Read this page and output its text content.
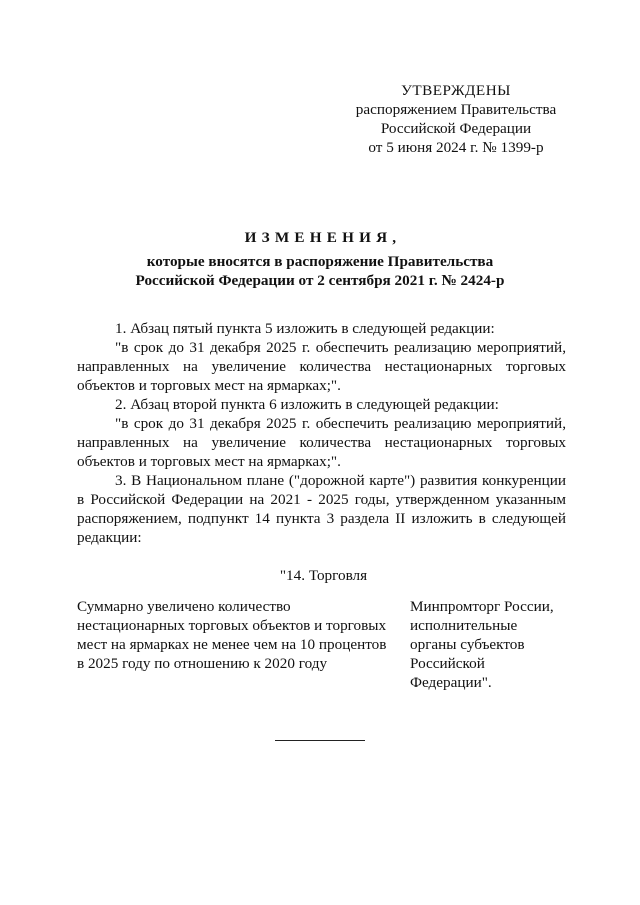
УТВЕРЖДЕНЫ
распоряжением Правительства
Российской Федерации
от 5 июня 2024 г. № 1399-р
ИЗМЕНЕНИЯ,
которые вносятся в распоряжение Правительства
Российской Федерации от 2 сентября 2021 г. № 2424-р

1. Абзац пятый пункта 5 изложить в следующей редакции:

"в срок до 31 декабря 2025 г. обеспечить реализацию мероприятий, направленных на увеличение количества нестационарных торговых объектов и торговых мест на ярмарках;".

2. Абзац второй пункта 6 изложить в следующей редакции:

"в срок до 31 декабря 2025 г. обеспечить реализацию мероприятий, направленных на увеличение количества нестационарных торговых объектов и торговых мест на ярмарках;".

3. В Национальном плане ("дорожной карте") развития конкуренции в Российской Федерации на 2021 - 2025 годы, утвержденном указанным распоряжением, подпункт 14 пункта 3 раздела II изложить в следующей редакции:

"14. Торговля
Суммарно увеличено количество
нестационарных торговых объектов и торговых
мест на ярмарках не менее чем на 10 процентов
в 2025 году по отношению к 2020 году
Минпромторг России,
исполнительные
органы субъектов
Российской
Федерации".
